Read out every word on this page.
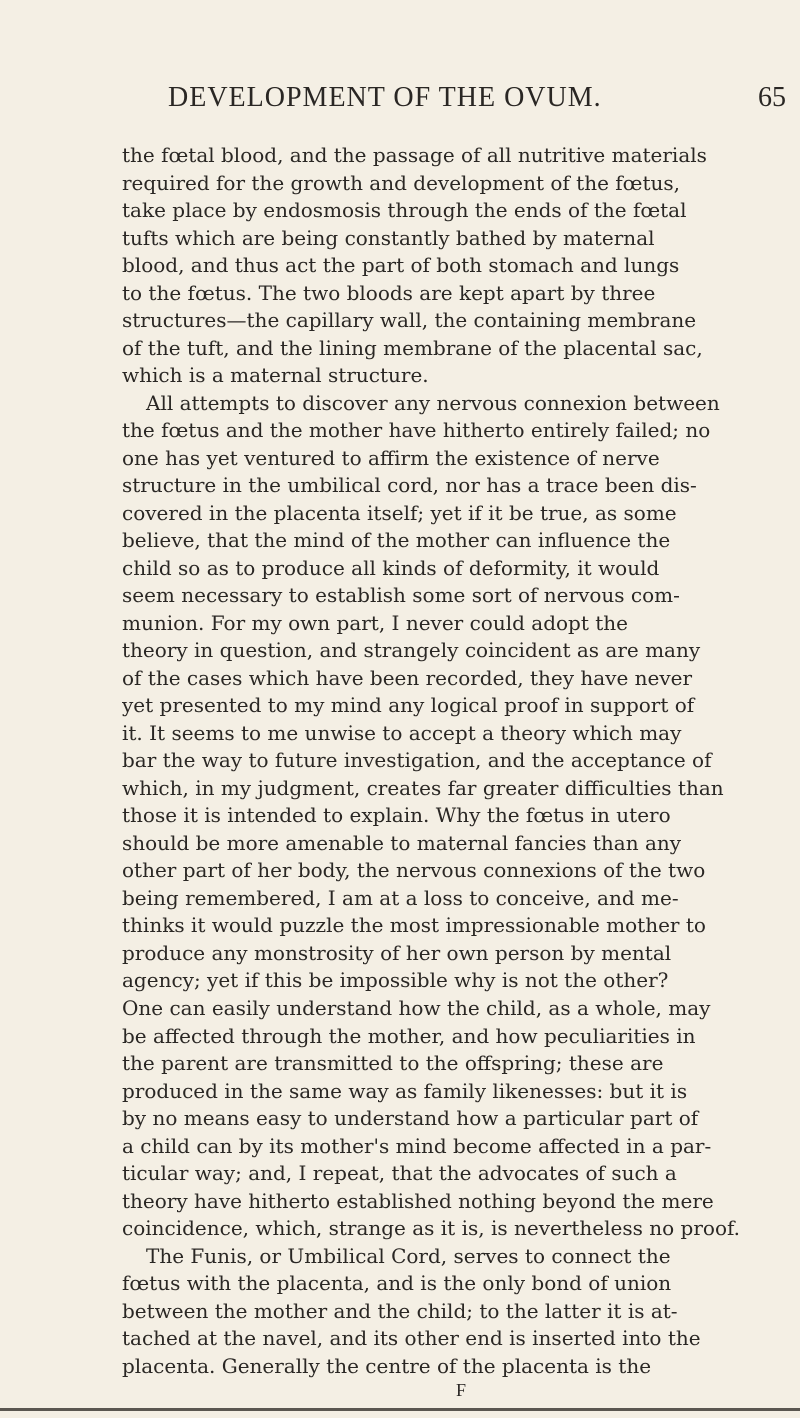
DEVELOPMENT OF THE OVUM.	65
the fœtal blood, and the passage of all nutritive materials
required for the growth and development of the fœtus,
take place by endosmosis through the ends of the fœtal
tufts which are being constantly bathed by maternal
blood, and thus act the part of both stomach and lungs
to the fœtus. The two bloods are kept apart by three
structures—the capillary wall, the containing membrane
of the tuft, and the lining membrane of the placental sac,
which is a maternal structure.
All attempts to discover any nervous connexion between
the fœtus and the mother have hitherto entirely failed; no
one has yet ventured to affirm the existence of nerve
structure in the umbilical cord, nor has a trace been dis-
covered in the placenta itself; yet if it be true, as some
believe, that the mind of the mother can influence the
child so as to produce all kinds of deformity, it would
seem necessary to establish some sort of nervous com-
munion. For my own part, I never could adopt the
theory in question, and strangely coincident as are many
of the cases which have been recorded, they have never
yet presented to my mind any logical proof in support of
it. It seems to me unwise to accept a theory which may
bar the way to future investigation, and the acceptance of
which, in my judgment, creates far greater difficulties than
those it is intended to explain. Why the fœtus in utero
should be more amenable to maternal fancies than any
other part of her body, the nervous connexions of the two
being remembered, I am at a loss to conceive, and me-
thinks it would puzzle the most impressionable mother to
produce any monstrosity of her own person by mental
agency; yet if this be impossible why is not the other?
One can easily understand how the child, as a whole, may
be affected through the mother, and how peculiarities in
the parent are transmitted to the offspring; these are
produced in the same way as family likenesses: but it is
by no means easy to understand how a particular part of
a child can by its mother's mind become affected in a par-
ticular way; and, I repeat, that the advocates of such a
theory have hitherto established nothing beyond the mere
coincidence, which, strange as it is, is nevertheless no proof.
The Funis, or Umbilical Cord, serves to connect the
fœtus with the placenta, and is the only bond of union
between the mother and the child; to the latter it is at-
tached at the navel, and its other end is inserted into the
placenta. Generally the centre of the placenta is the
F
